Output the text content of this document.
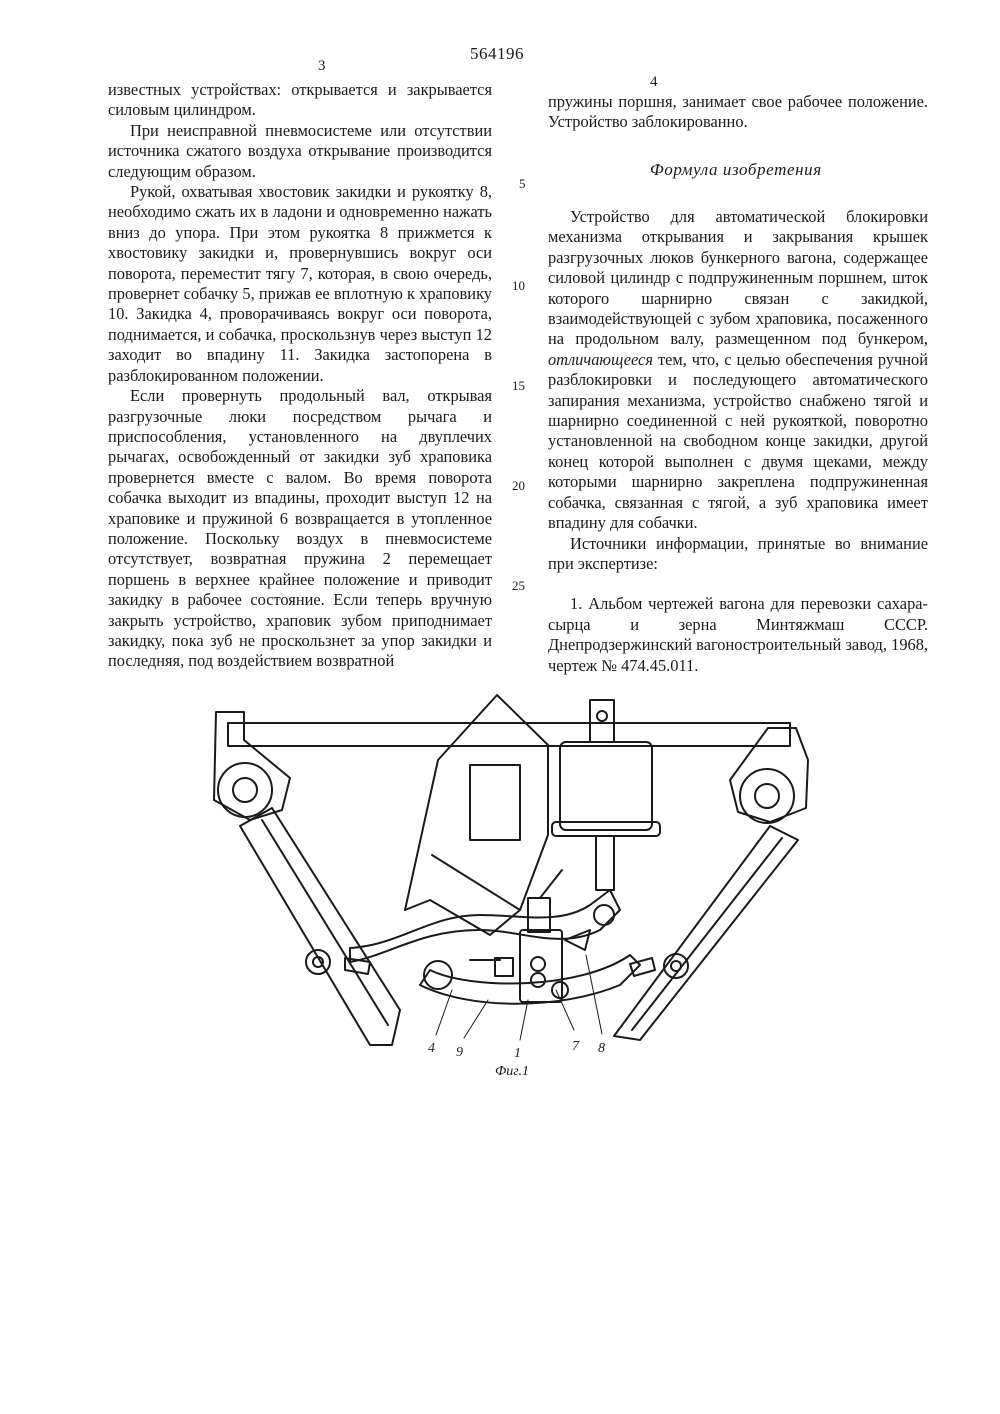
564196
3
4

известных устройствах: открывается и закрывается силовым цилиндром.

При неисправной пневмосистеме или отсутствии источника сжатого воздуха открывание производится следующим образом.

Рукой, охватывая хвостовик закидки и рукоятку 8, необходимо сжать их в ладони и одновременно нажать вниз до упора. При этом рукоятка 8 прижмется к хвостовику закидки и, провернувшись вокруг оси поворота, переместит тягу 7, которая, в свою очередь, провернет собачку 5, прижав ее вплотную к храповику 10. Закидка 4, проворачиваясь вокруг оси поворота, поднимается, и собачка, проскользнув через выступ 12 заходит во впадину 11. Закидка застопорена в разблокированном положении.

Если провернуть продольный вал, открывая разгрузочные люки посредством рычага и приспособления, установленного на двуплечих рычагах, освобожденный от закидки зуб храповика провернется вместе с валом. Во время поворота собачка выходит из впадины, проходит выступ 12 на храповике и пружиной 6 возвращается в утопленное положение. Поскольку воздух в пневмосистеме отсутствует, возвратная пружина 2 перемещает поршень в верхнее крайнее положение и приводит закидку в рабочее состояние. Если теперь вручную закрыть устройство, храповик зубом приподнимает закидку, пока зуб не проскользнет за упор закидки и последняя, под воздействием возвратной

5
10
15
20
25

пружины поршня, занимает свое рабочее положение. Устройство заблокированно.

Формула изобретения

Устройство для автоматической блокировки механизма открывания и закрывания крышек разгрузочных люков бункерного вагона, содержащее силовой цилиндр с подпружиненным поршнем, шток которого шарнирно связан с закидкой, взаимодействующей с зубом храповика, посаженного на продольном валу, размещенном под бункером, отличающееся тем, что, с целью обеспечения ручной разблокировки и последующего автоматического запирания механизма, устройство снабжено тягой и шарнирно соединенной с ней рукояткой, поворотно установленной на свободном конце закидки, другой конец которой выполнен с двумя щеками, между которыми шарнирно закреплена подпружиненная собачка, связанная с тягой, а зуб храповика имеет впадину для собачки.

Источники информации, принятые во внимание при экспертизе:

1. Альбом чертежей вагона для перевозки сахара-сырца и зерна Минтяжмаш СССР. Днепродзержинский вагоностроительный завод, 1968, чертеж № 474.45.011.

4 9	1	7 8
Фиг.1
